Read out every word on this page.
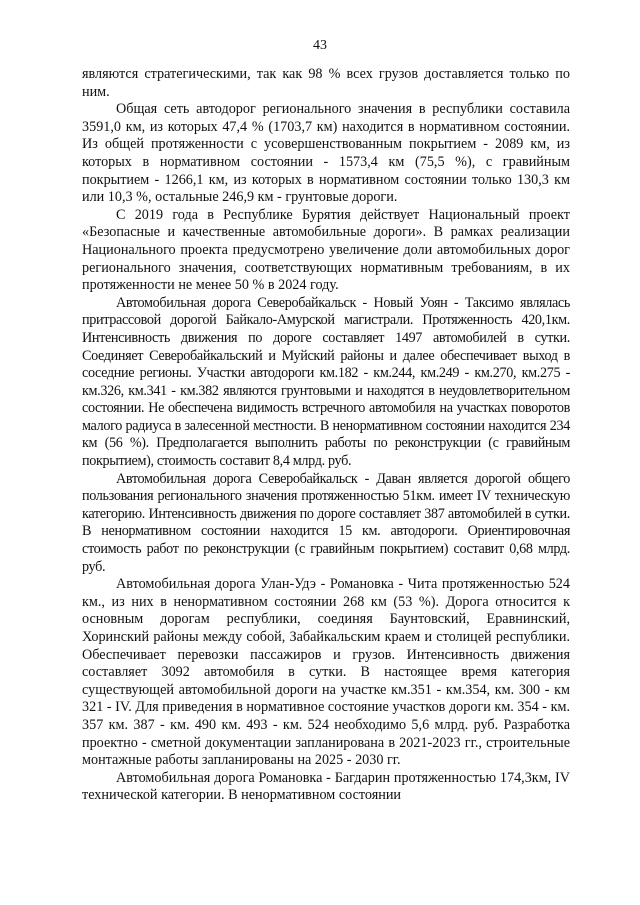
43

являются стратегическими, так как 98 % всех грузов доставляется только по ним.

Общая сеть автодорог регионального значения в республики составила 3591,0 км, из которых 47,4 % (1703,7 км) находится в нормативном состоянии. Из общей протяженности с усовершенствованным покрытием - 2089 км, из которых в нормативном состоянии - 1573,4 км (75,5 %), с гравийным покрытием - 1266,1 км, из которых в нормативном состоянии только 130,3 км или 10,3 %, остальные 246,9 км - грунтовые дороги.

С 2019 года в Республике Бурятия действует Национальный проект «Безопасные и качественные автомобильные дороги». В рамках реализации Национального проекта предусмотрено увеличение доли автомобильных дорог регионального значения, соответствующих нормативным требованиям, в их протяженности не менее 50 % в 2024 году.

Автомобильная дорога Северобайкальск - Новый Уоян - Таксимо являлась притрассовой дорогой Байкало-Амурской магистрали. Протяженность 420,1км. Интенсивность движения по дороге составляет 1497 автомобилей в сутки. Соединяет Северобайкальский и Муйский районы и далее обеспечивает выход в соседние регионы. Участки автодороги км.182 - км.244, км.249 - км.270, км.275 - км.326, км.341 - км.382 являются грунтовыми и находятся в неудовлетворительном состоянии. Не обеспечена видимость встречного автомобиля на участках поворотов малого радиуса в залесенной местности. В ненормативном состоянии находится 234 км (56 %). Предполагается выполнить работы по реконструкции (с гравийным покрытием), стоимость составит 8,4 млрд. руб.

Автомобильная дорога Северобайкальск - Даван является дорогой общего пользования регионального значения протяженностью 51км. имеет IV техническую категорию. Интенсивность движения по дороге составляет 387 автомобилей в сутки. В ненормативном состоянии находится 15 км. автодороги. Ориентировочная стоимость работ по реконструкции (с гравийным покрытием) составит 0,68 млрд. руб.

Автомобильная дорога Улан-Удэ - Романовка - Чита протяженностью 524 км., из них в ненормативном состоянии 268 км (53 %). Дорога относится к основным дорогам республики, соединяя Баунтовский, Еравнинский, Хоринский районы между собой, Забайкальским краем и столицей республики. Обеспечивает перевозки пассажиров и грузов. Интенсивность движения составляет 3092 автомобиля в сутки. В настоящее время категория существующей автомобильной дороги на участке км.351 - км.354, км. 300 - км 321 - IV. Для приведения в нормативное состояние участков дороги км. 354 - км. 357 км. 387 - км. 490 км. 493 - км. 524 необходимо 5,6 млрд. руб. Разработка проектно - сметной документации запланирована в 2021-2023 гг., строительные монтажные работы запланированы на 2025 - 2030 гг.

Автомобильная дорога Романовка - Багдарин протяженностью 174,3км, IV технической категории. В ненормативном состоянии
